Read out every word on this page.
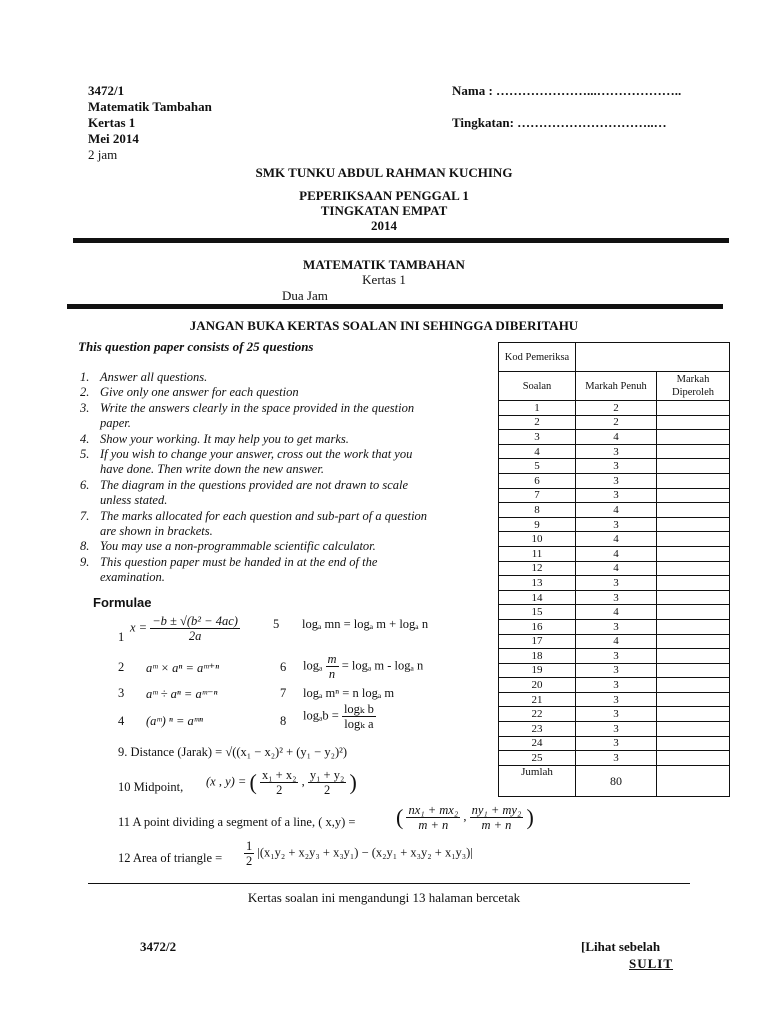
3472/1
Matematik Tambahan
Kertas 1
Mei 2014
2 jam
Nama : …………………...………………..
Tingkatan: …………………………..…
SMK TUNKU ABDUL RAHMAN KUCHING
PEPERIKSAAN PENGGAL 1
TINGKATAN EMPAT
2014
MATEMATIK TAMBAHAN
Kertas 1
Dua Jam
JANGAN BUKA KERTAS SOALAN INI SEHINGGA DIBERITAHU
This question paper consists of 25 questions
1. Answer all questions.
2. Give only one answer for each question
3. Write the answers clearly in the space provided in the question
paper.
4. Show your working. It may help you to get marks.
5. If you wish to change your answer, cross out the work that you
have done. Then write down the new answer.
6. The diagram in the questions provided are not drawn to scale
unless stated.
7. The marks allocated for each question and sub-part of a question
are shown in brackets.
8. You may use a non-programmable scientific calculator.
9. This question paper must be handed in at the end of the
examination.
Formulae
1
$x = \frac{\text{−b ± √(b² − 4ac)}}{2a}$	5 logₐ mn = logₐ m + logₐ n
2 aᵐ × aⁿ = aᵐ⁺ⁿ	6 logₐ $\frac{m}{n} = \log_a$ m - logₐ n
3 aᵐ ÷ aⁿ = aᵐ⁻ⁿ	7 logₐ mⁿ = n logₐ m
4 (aᵐ) ⁿ = aᵐⁿ	8 $\log_ab = \frac{\text{logₖ b}}{\text{logₖ a}}$
9. Distance (Jarak) = √((x₁ − x₂)² + (y₁ − y₂)²)
10 Midpoint, (x , y) = ( $\frac{\text{x₁ + x₂}}{2}$ , $\frac{\text{y₁ + y₂}}{2}$ )
11 A point dividing a segment of a line, ( x,y) = ( $\frac{\text{nx₁ + mx₂}}{m + n}$ , $\frac{\text{ny₁ + my₂}}{m + n}$ )
12 Area of triangle = $\frac{1}{2} |(x_1y_2 + x_2y_3 + x_3y_1) - (x_2y_1 + x_3y_2 + x_1y_3)|$
Kod Pemeriksa		
Soalan	Markah Penuh	Markah Diperoleh
1	2	
2	2	
3	4	
4	3	
5	3	
6	3	
7	3	
8	4	
9	3	
10	4	
11	4	
12	4	
13	3	
14	3	
15	4	
16	3	
17	4	
18	3	
19	3	
20	3	
21	3	
22	3	
23	3	
24	3	
25	3	
Jumlah	80	
Kertas soalan ini mengandungi 13 halaman bercetak
3472/2	[Lihat sebelah
SULIT
